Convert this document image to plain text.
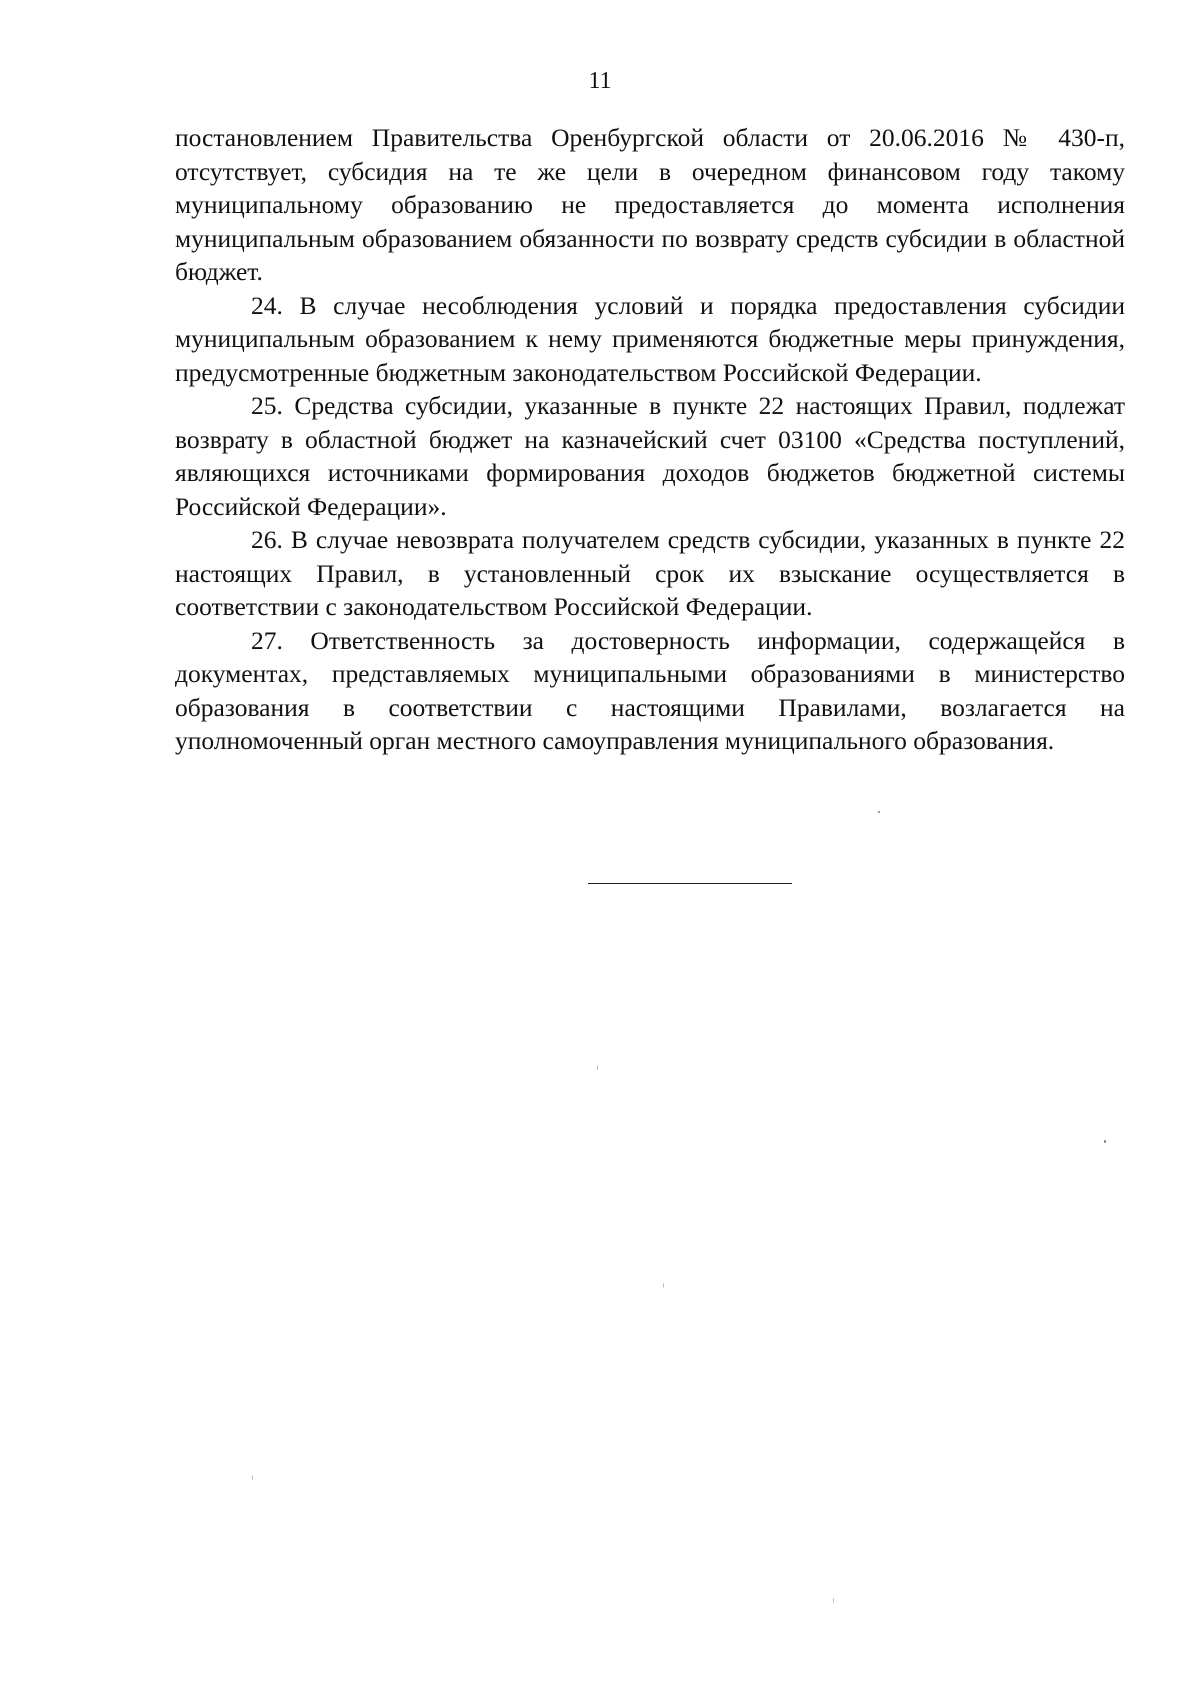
11

постановлением Правительства Оренбургской области от 20.06.2016 № 430-п, отсутствует, субсидия на те же цели в очередном финансовом году такому муниципальному образованию не предоставляется до момента исполнения муниципальным образованием обязанности по возврату средств субсидии в областной бюджет.

24. В случае несоблюдения условий и порядка предоставления субсидии муниципальным образованием к нему применяются бюджетные меры принуждения, предусмотренные бюджетным законодательством Российской Федерации.

25. Средства субсидии, указанные в пункте 22 настоящих Правил, подлежат возврату в областной бюджет на казначейский счет 03100 «Средства поступлений, являющихся источниками формирования доходов бюджетов бюджетной системы Российской Федерации».

26. В случае невозврата получателем средств субсидии, указанных в пункте 22 настоящих Правил, в установленный срок их взыскание осуществляется в соответствии с законодательством Российской Федерации.

27. Ответственность за достоверность информации, содержащейся в документах, представляемых муниципальными образованиями в министерство образования в соответствии с настоящими Правилами, возлагается на уполномоченный орган местного самоуправления муниципального образования.
